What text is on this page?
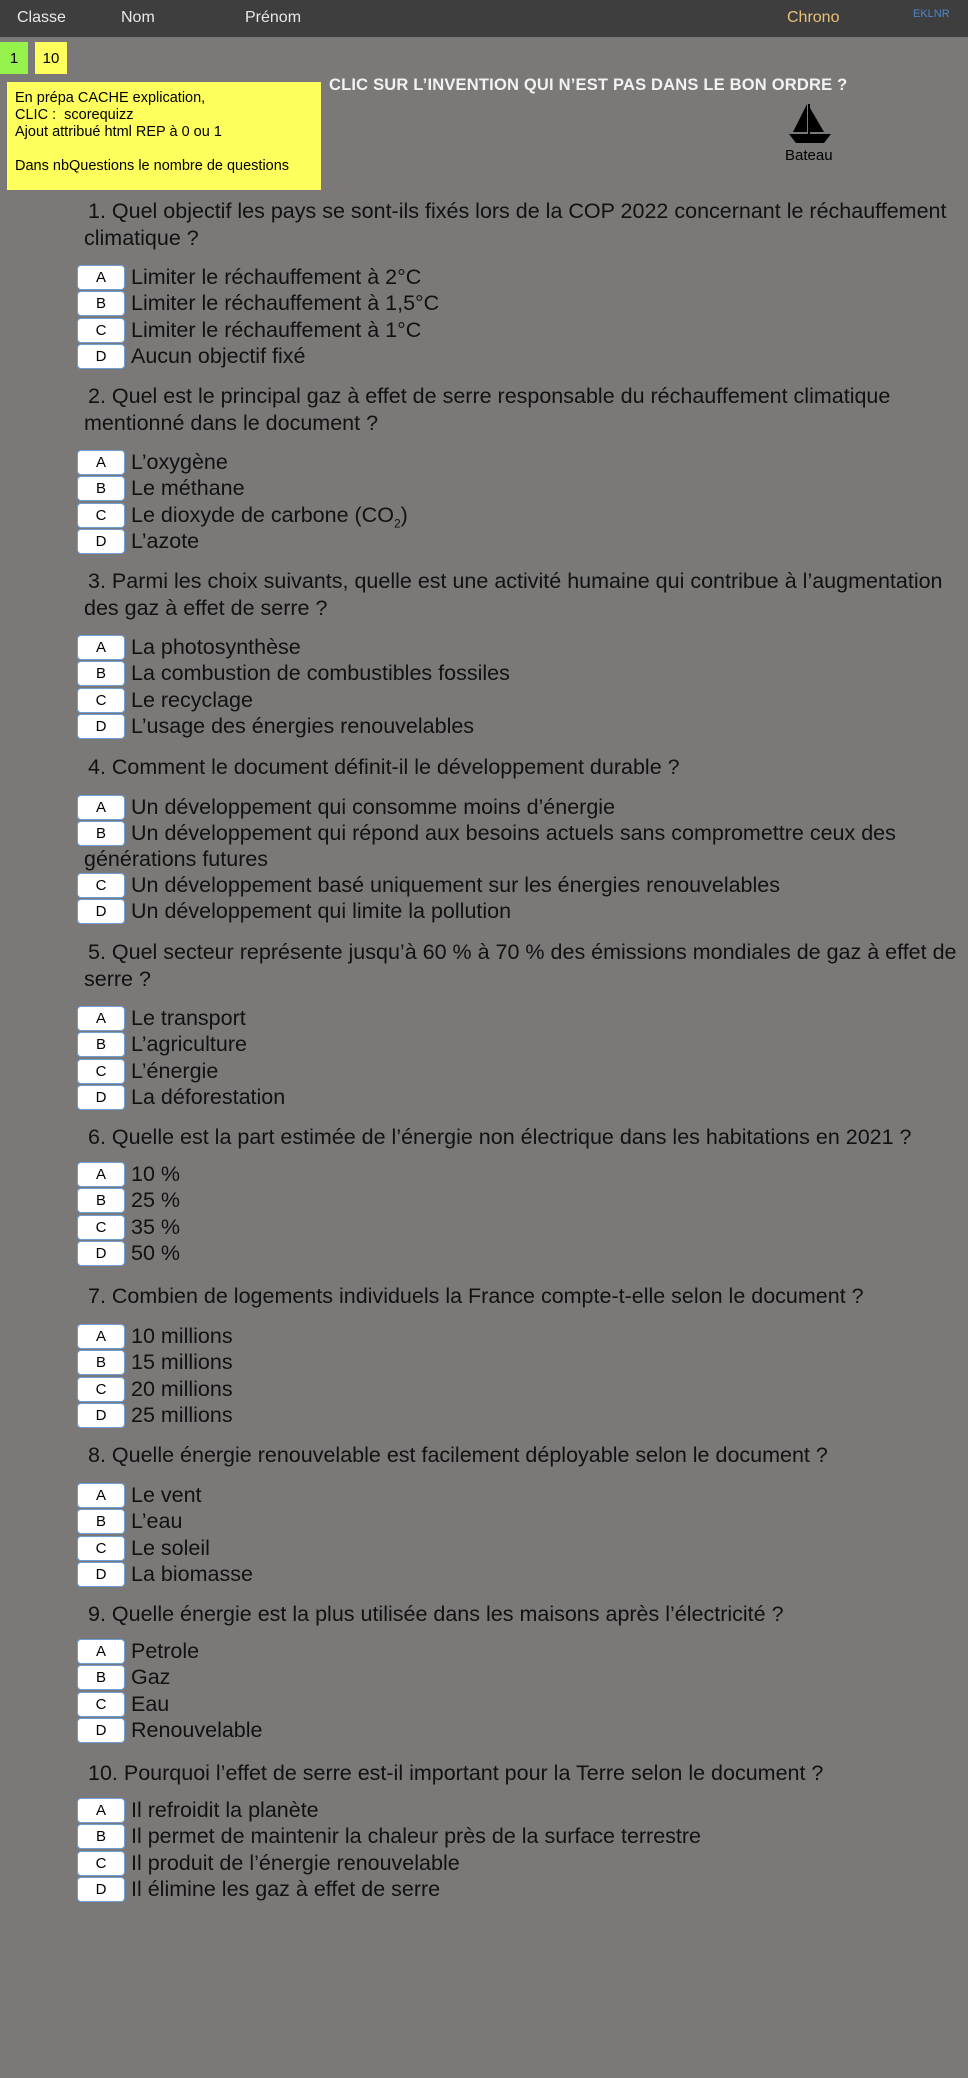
Classe	Nom	Prénom	Chrono	EKLNR
1	10
En prépa CACHE explication,
CLIC :  scorequizz
Ajout attribué html REP à 0 ou 1
Dans nbQuestions le nombre de questions
CLIC SUR L’INVENTION QUI N’EST PAS DANS LE BON ORDRE ?
Bateau
1. Quel objectif les pays se sont-ils fixés lors de la COP 2022 concernant le réchauffement climatique ?
A	Limiter le réchauffement à 2°C
B	Limiter le réchauffement à 1,5°C
C	Limiter le réchauffement à 1°C
D	Aucun objectif fixé
2. Quel est le principal gaz à effet de serre responsable du réchauffement climatique mentionné dans le document ?
A	L’oxygène
B	Le méthane
C	Le dioxyde de carbone $(CO_2)$
D	L’azote
3. Parmi les choix suivants, quelle est une activité humaine qui contribue à l’augmentation des gaz à effet de serre ?
A	La photosynthèse
B	La combustion de combustibles fossiles
C	Le recyclage
D	L’usage des énergies renouvelables
4. Comment le document définit-il le développement durable ?
A	Un développement qui consomme moins d’énergie
B	Un développement qui répond aux besoins actuels sans compromettre ceux des générations futures
C	Un développement basé uniquement sur les énergies renouvelables
D	Un développement qui limite la pollution
5. Quel secteur représente jusqu’à 60 % à 70 % des émissions mondiales de gaz à effet de serre ?
A	Le transport
B	L’agriculture
C	L’énergie
D	La déforestation
6. Quelle est la part estimée de l’énergie non électrique dans les habitations en 2021 ?
A	10 %
B	25 %
C	35 %
D	50 %
7. Combien de logements individuels la France compte-t-elle selon le document ?
A	10 millions
B	15 millions
C	20 millions
D	25 millions
8. Quelle énergie renouvelable est facilement déployable selon le document ?
A	Le vent
B	L’eau
C	Le soleil
D	La biomasse
9. Quelle énergie est la plus utilisée dans les maisons après l’électricité ?
A	Petrole
B	Gaz
C	Eau
D	Renouvelable
10. Pourquoi l’effet de serre est-il important pour la Terre selon le document ?
A	Il refroidit la planète
B	Il permet de maintenir la chaleur près de la surface terrestre
C	Il produit de l’énergie renouvelable
D	Il élimine les gaz à effet de serre
